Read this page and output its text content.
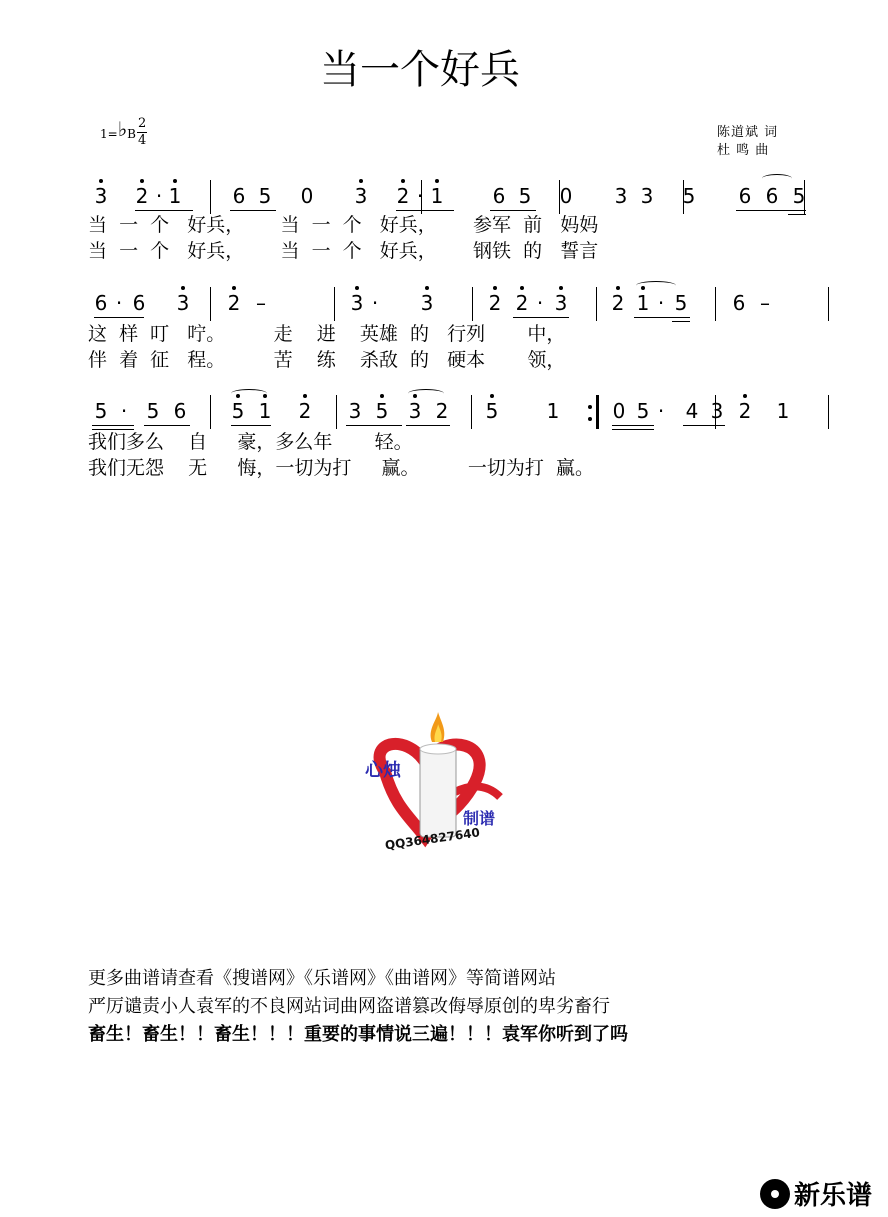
当一个好兵
1=♭B $\frac{2}{4}$	陈道斌 词
杜 鸣 曲
3 2 · 1	6 5 0 3 2 · 1 6 5 0 3 3 5 6 6 5
当  一  个   好兵，      当  一  个   好兵，      参军  前   妈妈
当  一  个   好兵，      当  一  个   好兵，      钢铁  的   誓言
6 · 6 3 2 –	3 · 3	2 2 · 3 2 1 · 5 6 –
这  样  叮   咛。        走    进    英雄  的   行列       中，
伴  着  征   程。        苦    练    杀敌  的   硬本       领，
5 · 5 6 5 1 2 3 5 3 2 5 1	0 5 · 4 3 2 1
我们多么    自     豪，多么年       轻。
我们无怨    无     悔，一切为打     赢。        一切为打  赢。
心烛
制谱
QQ364827640
更多曲谱请查看《搜谱网》《乐谱网》《曲谱网》等简谱网站
严厉谴责小人袁军的不良网站词曲网盗谱篡改侮辱原创的卑劣畜行
畜生！畜生！！畜生！！！重要的事情说三遍！！！袁军你听到了吗
新乐谱
